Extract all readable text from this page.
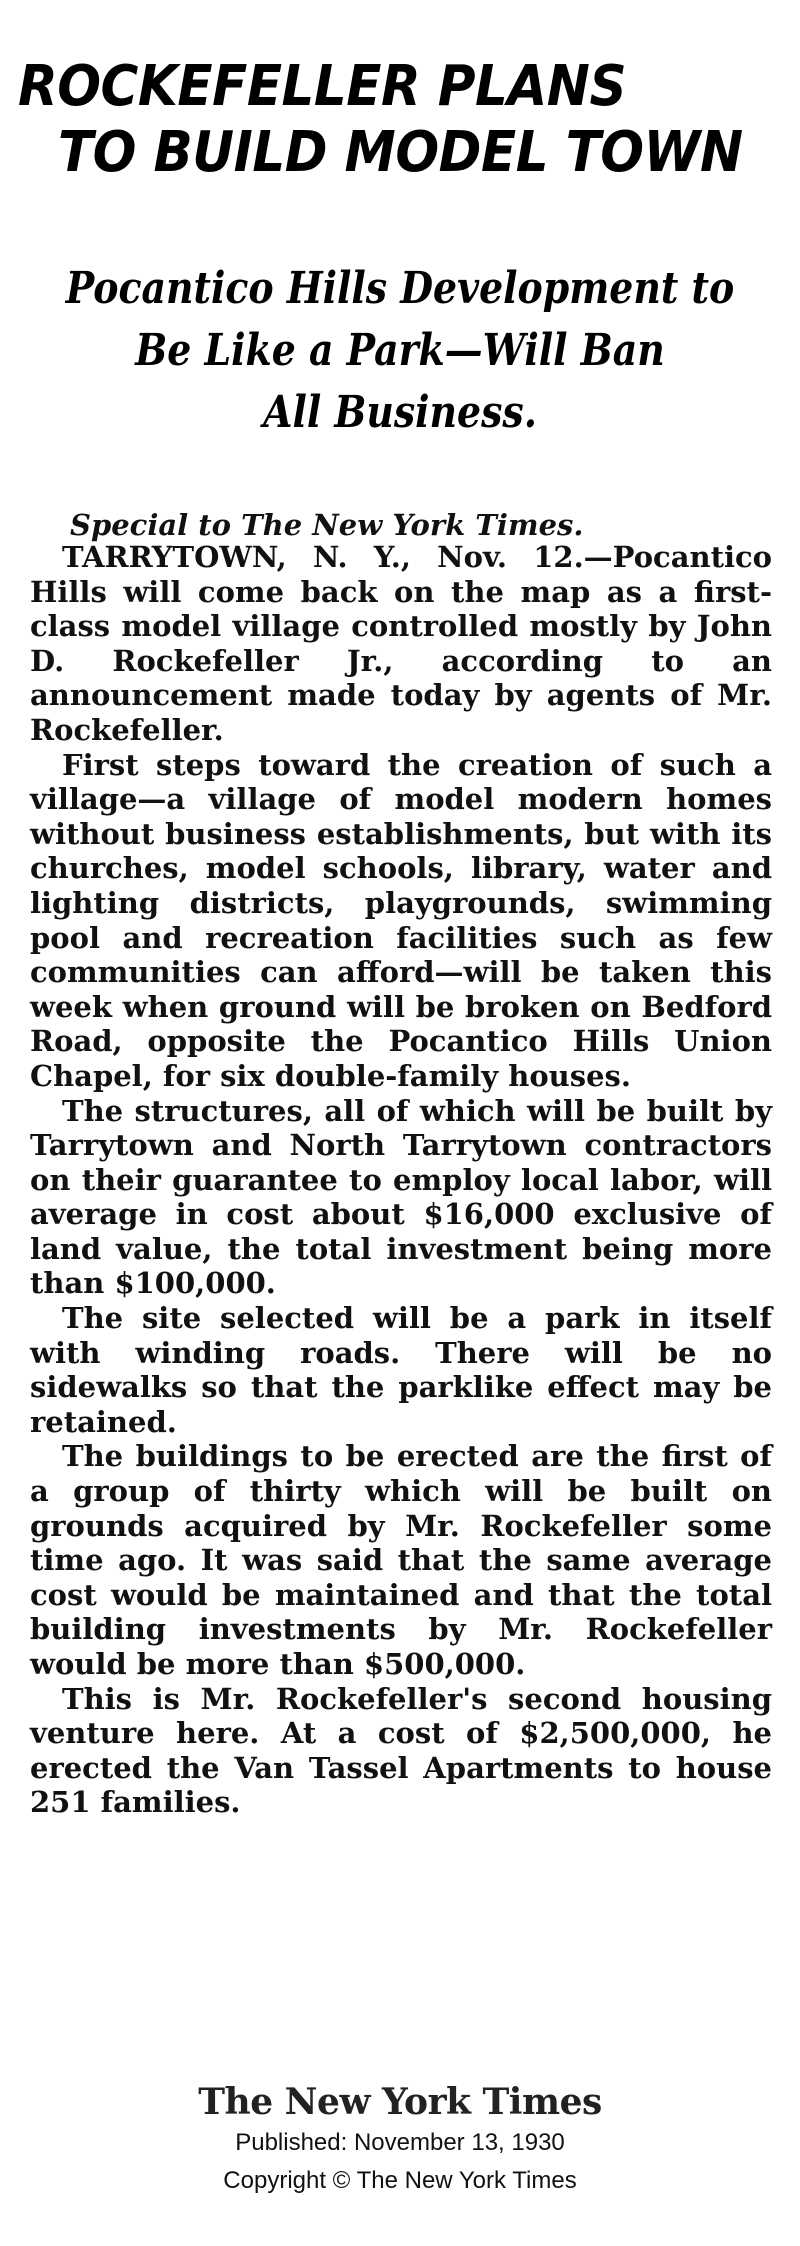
ROCKEFELLER PLANS
TO BUILD MODEL TOWN
Pocantico Hills Development to
Be Like a Park—Will Ban
All Business.
Special to The New York Times.

TARRYTOWN, N. Y., Nov. 12.—Pocantico Hills will come back on the map as a first-class model village controlled mostly by John D. Rockefeller Jr., according to an announcement made today by agents of Mr. Rockefeller.

First steps toward the creation of such a village—a village of model modern homes without business establishments, but with its churches, model schools, library, water and lighting districts, playgrounds, swimming pool and recreation facilities such as few communities can afford—will be taken this week when ground will be broken on Bedford Road, opposite the Pocantico Hills Union Chapel, for six double-family houses.

The structures, all of which will be built by Tarrytown and North Tarrytown contractors on their guarantee to employ local labor, will average in cost about $16,000 exclusive of land value, the total investment being more than $100,000.

The site selected will be a park in itself with winding roads. There will be no sidewalks so that the parklike effect may be retained.

The buildings to be erected are the first of a group of thirty which will be built on grounds acquired by Mr. Rockefeller some time ago. It was said that the same average cost would be maintained and that the total building investments by Mr. Rockefeller would be more than $500,000.

This is Mr. Rockefeller's second housing venture here. At a cost of $2,500,000, he erected the Van Tassel Apartments to house 251 families.

The New York Times
Published: November 13, 1930
Copyright © The New York Times
